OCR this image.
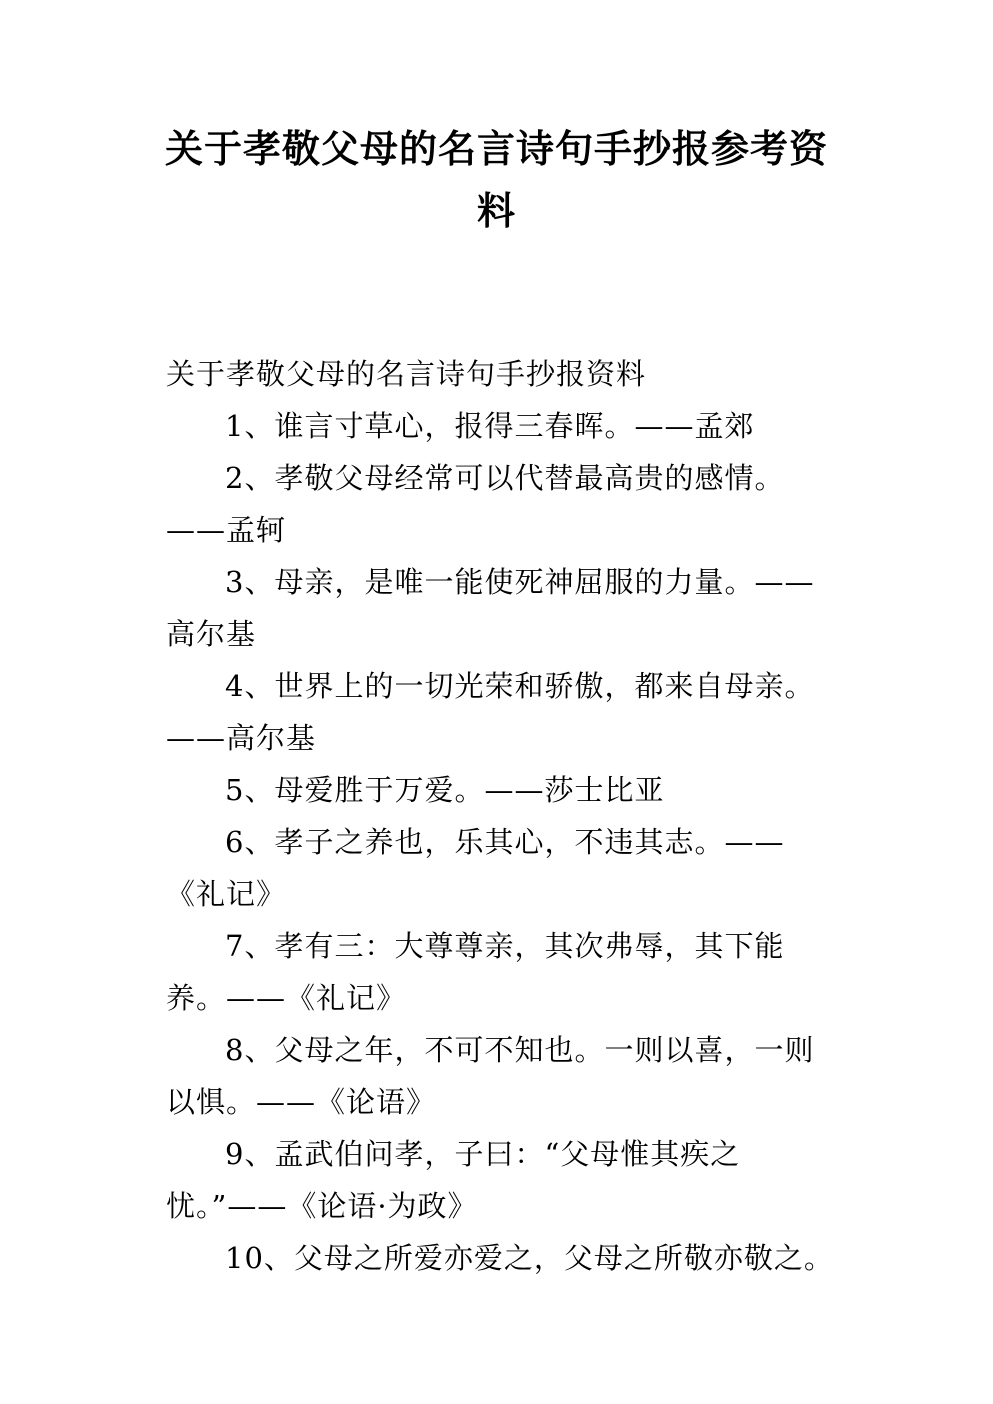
关于孝敬父母的名言诗句手抄报参考资料

关于孝敬父母的名言诗句手抄报资料

1、谁言寸草心，报得三春晖。——孟郊

2、孝敬父母经常可以代替最高贵的感情。——孟轲

3、母亲，是唯一能使死神屈服的力量。——高尔基

4、世界上的一切光荣和骄傲，都来自母亲。——高尔基

5、母爱胜于万爱。——莎士比亚

6、孝子之养也，乐其心，不违其志。——《礼记》

7、孝有三：大尊尊亲，其次弗辱，其下能养。——《礼记》

8、父母之年，不可不知也。一则以喜，一则以惧。——《论语》

9、孟武伯问孝，子曰：“父母惟其疾之忧。”——《论语·为政》

10、父母之所爱亦爱之，父母之所敬亦敬之。
